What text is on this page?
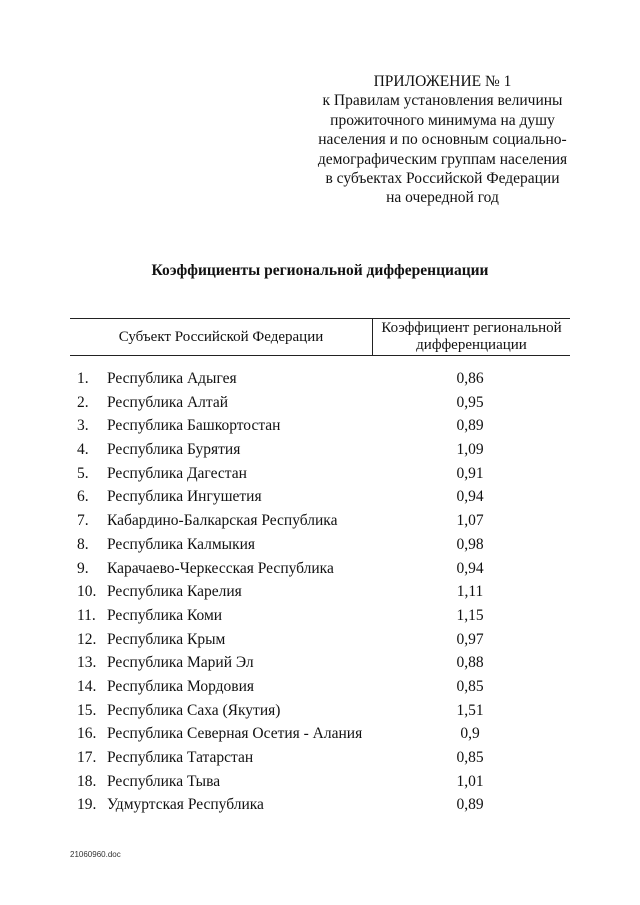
ПРИЛОЖЕНИЕ № 1
к Правилам установления величины
прожиточного минимума на душу
населения и по основным социально-
демографическим группам населения
в субъектах Российской Федерации
на очередной год
Коэффициенты региональной дифференциации
Субъект Российской Федерации
Коэффициент региональной
дифференциации
1. Республика Адыгея	0,86
2. Республика Алтай	0,95
3. Республика Башкортостан	0,89
4. Республика Бурятия	1,09
5. Республика Дагестан	0,91
6. Республика Ингушетия	0,94
7. Кабардино-Балкарская Республика	1,07
8. Республика Калмыкия	0,98
9. Карачаево-Черкесская Республика	0,94
10. Республика Карелия	1,11
11. Республика Коми	1,15
12. Республика Крым	0,97
13. Республика Марий Эл	0,88
14. Республика Мордовия	0,85
15. Республика Саха (Якутия)	1,51
16. Республика Северная Осетия - Алания	0,9
17. Республика Татарстан	0,85
18. Республика Тыва	1,01
19. Удмуртская Республика	0,89
21060960.doc
